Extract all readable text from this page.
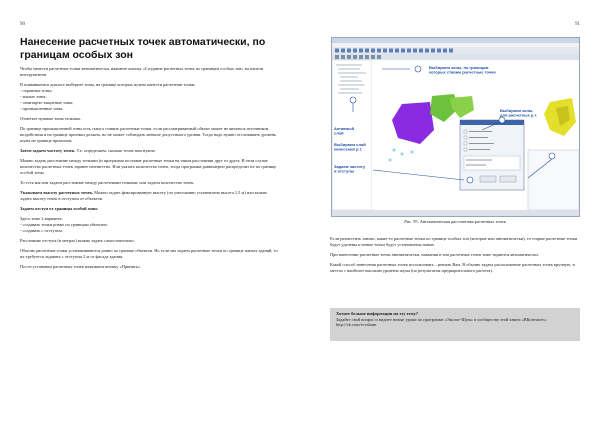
90
Нанесение расчетных точек автоматически, по границам особых зон

Чтобы нанести расчетные точки автоматически, нажмите кнопку «Создание расчетных точек по границам особых зон» на панели инструментов.

В появившемся диалоге выберите зоны, на границе которых нужно нанести расчетные точки:

- охранные зоны;
- жилые зоны;
- санитарно-защитные зоны;
- промышленные зоны.

Отметьте нужные зоны галками.

По границе промышленной зоны есть смысл ставить расчетные точки, если рассматриваемый объект может не являться источником воздействия и на границе проемки должна, но не может соблюдать меньше допустимого уровня. Тогда надо нужно отслеживать уровень шума на границе промзоны.

Затем задаем частоту точек. Т.е. определяем, сколько точек нам нужно.

Можно задать расстояние между точками (и программа поставит расчетные точки на таком расстоянии друг от друга. В этом случае количество расчетных точек заранее неизвестно. Или указать количество точек, тогда программа равномерно распределит их по границе особой зоны.

То есть мы или задаем расстояние между расчетными точками, или задаем количество точек.

Указываем высоту расчетных точек. Можно задать фиксированную высоту (по умолчанию установлена высота 1,5 м) или можно задать высоту точек в отступом от объектов.

Задаем отступ от границы особой зоны

Здесь тоже 2 варианта:

- создавать точки ровно по границам объектов;
- создавать с отступом.

Расстояние отступа (в метрах) можно задать самостоятельно.

Обычно расчетные точки устанавливаются ровно по границе объектов. Но если мы задаем расчетные точки по границе жилых зданий, то их требуется задавать с отступом 2 м от фасада здания.

После установки расчетных точек нажимаем кнопку «Принять».

91
Выбираем зоны, по границам которых ставим расчетные точки
Активный слой
Выбираем слой нанесения р.т.
Задаем частоту и отступы
Выбираем зоны, для расчетных р.т.
Рис. 95. Автоматическая расстановка расчетных точек

Если разместить заново, какие-то расчетные точки по границе особых зон (которые или автоматически), то старые расчетные точки будут удалены и новые точки будут установлены новые.

При нанесении расчетных точек автоматически, названия и тип расчетных точек тоже задаются автоматически.

Какой способ нанесения расчетных точек использовать – решать Вам. В обычно задача расположение расчетных точек вручную, в местах с наиболее высоким уровнем шума (по результатам предварительного расчета).

Хотите больше информации на эту тему?
Задайте свой вопрос и видите новые уроки по программе «Эколог-Шум» в сообществе этой книги «ВКонтакте»:
http://vk.com/ecoshum
